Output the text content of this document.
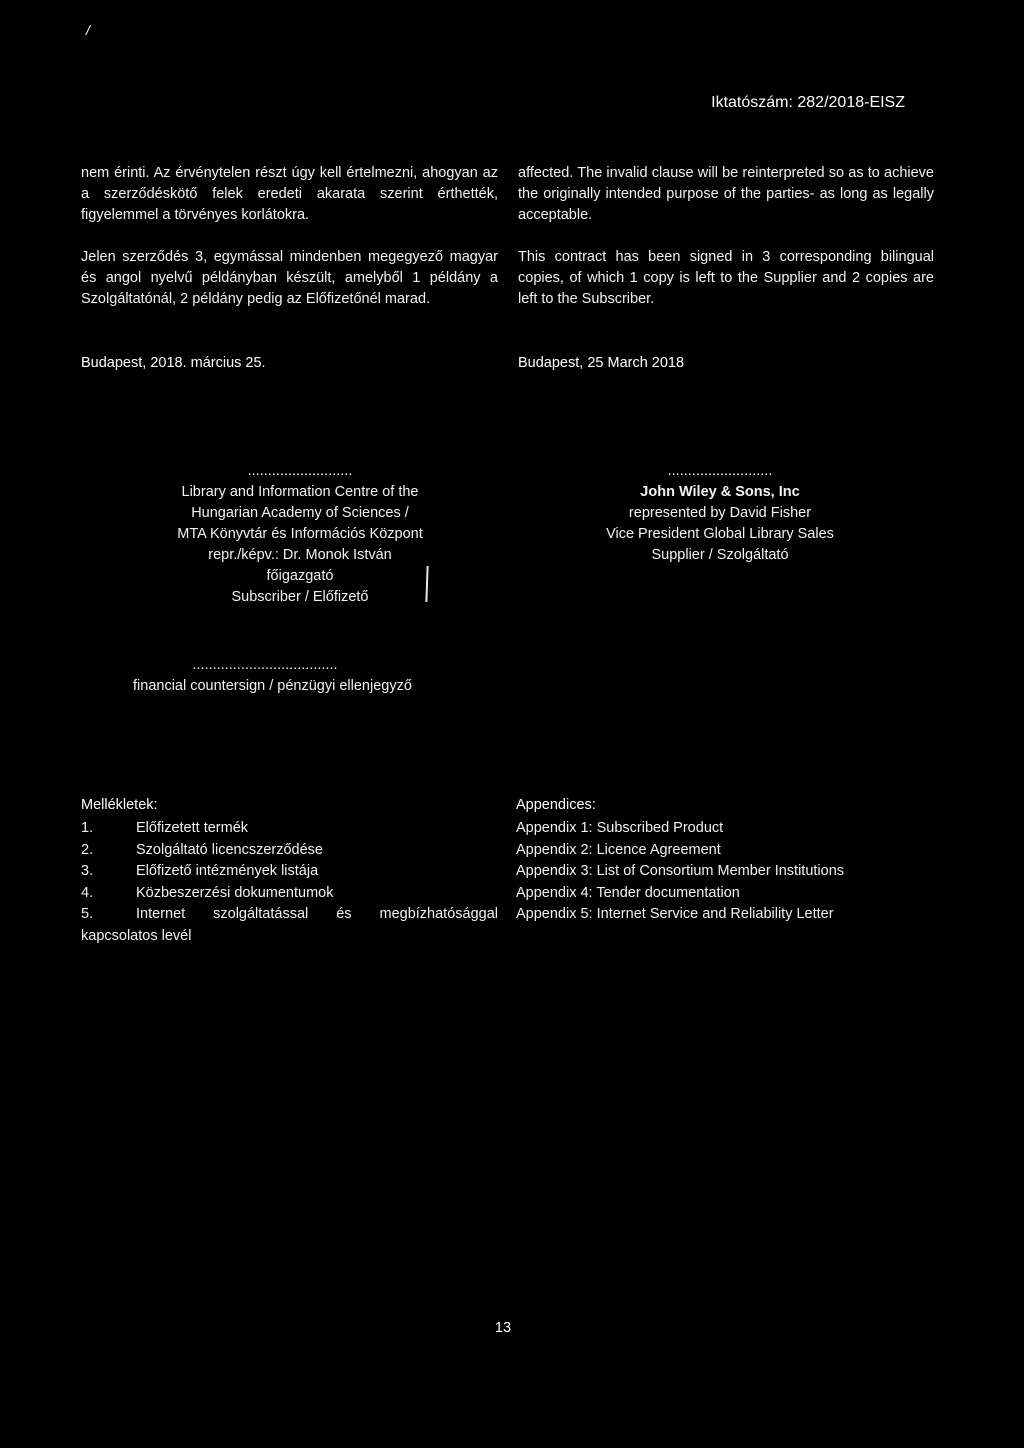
/
Iktatószám: 282/2018-EISZ
nem érinti. Az érvénytelen részt úgy kell értelmezni, ahogyan az a szerződéskötő felek eredeti akarata szerint érthették, figyelemmel a törvényes korlátokra.
affected. The invalid clause will be reinterpreted so as to achieve the originally intended purpose of the parties- as long as legally acceptable.
Jelen szerződés 3, egymással mindenben megegyező magyar és angol nyelvű példányban készült, amelyből 1 példány a Szolgáltatónál, 2 példány pedig az Előfizetőnél marad.
This contract has been signed in 3 corresponding bilingual copies, of which 1 copy is left to the Supplier and 2 copies are left to the Subscriber.
Budapest, 2018. március 25.	Budapest, 25 March 2018
..........................
Library and Information Centre of the
Hungarian Academy of Sciences /
MTA Könyvtár és Információs Központ
repr./képv.: Dr. Monok István
főigazgató
Subscriber / Előfizető
..........................
John Wiley & Sons, Inc
represented by David Fisher
Vice President Global Library Sales
Supplier / Szolgáltató
....................................
financial countersign / pénzügyi ellenjegyző
Mellékletek:	Appendices:
1.	Előfizetett termék
2.	Szolgáltató licencszerződése
3.	Előfizető intézmények listája
4.	Közbeszerzési dokumentumok
5.	Internet szolgáltatással és megbízhatósággal
kapcsolatos levél
Appendix 1: Subscribed Product
Appendix 2: Licence Agreement
Appendix 3: List of Consortium Member Institutions
Appendix 4: Tender documentation
Appendix 5: Internet Service and Reliability Letter
13
